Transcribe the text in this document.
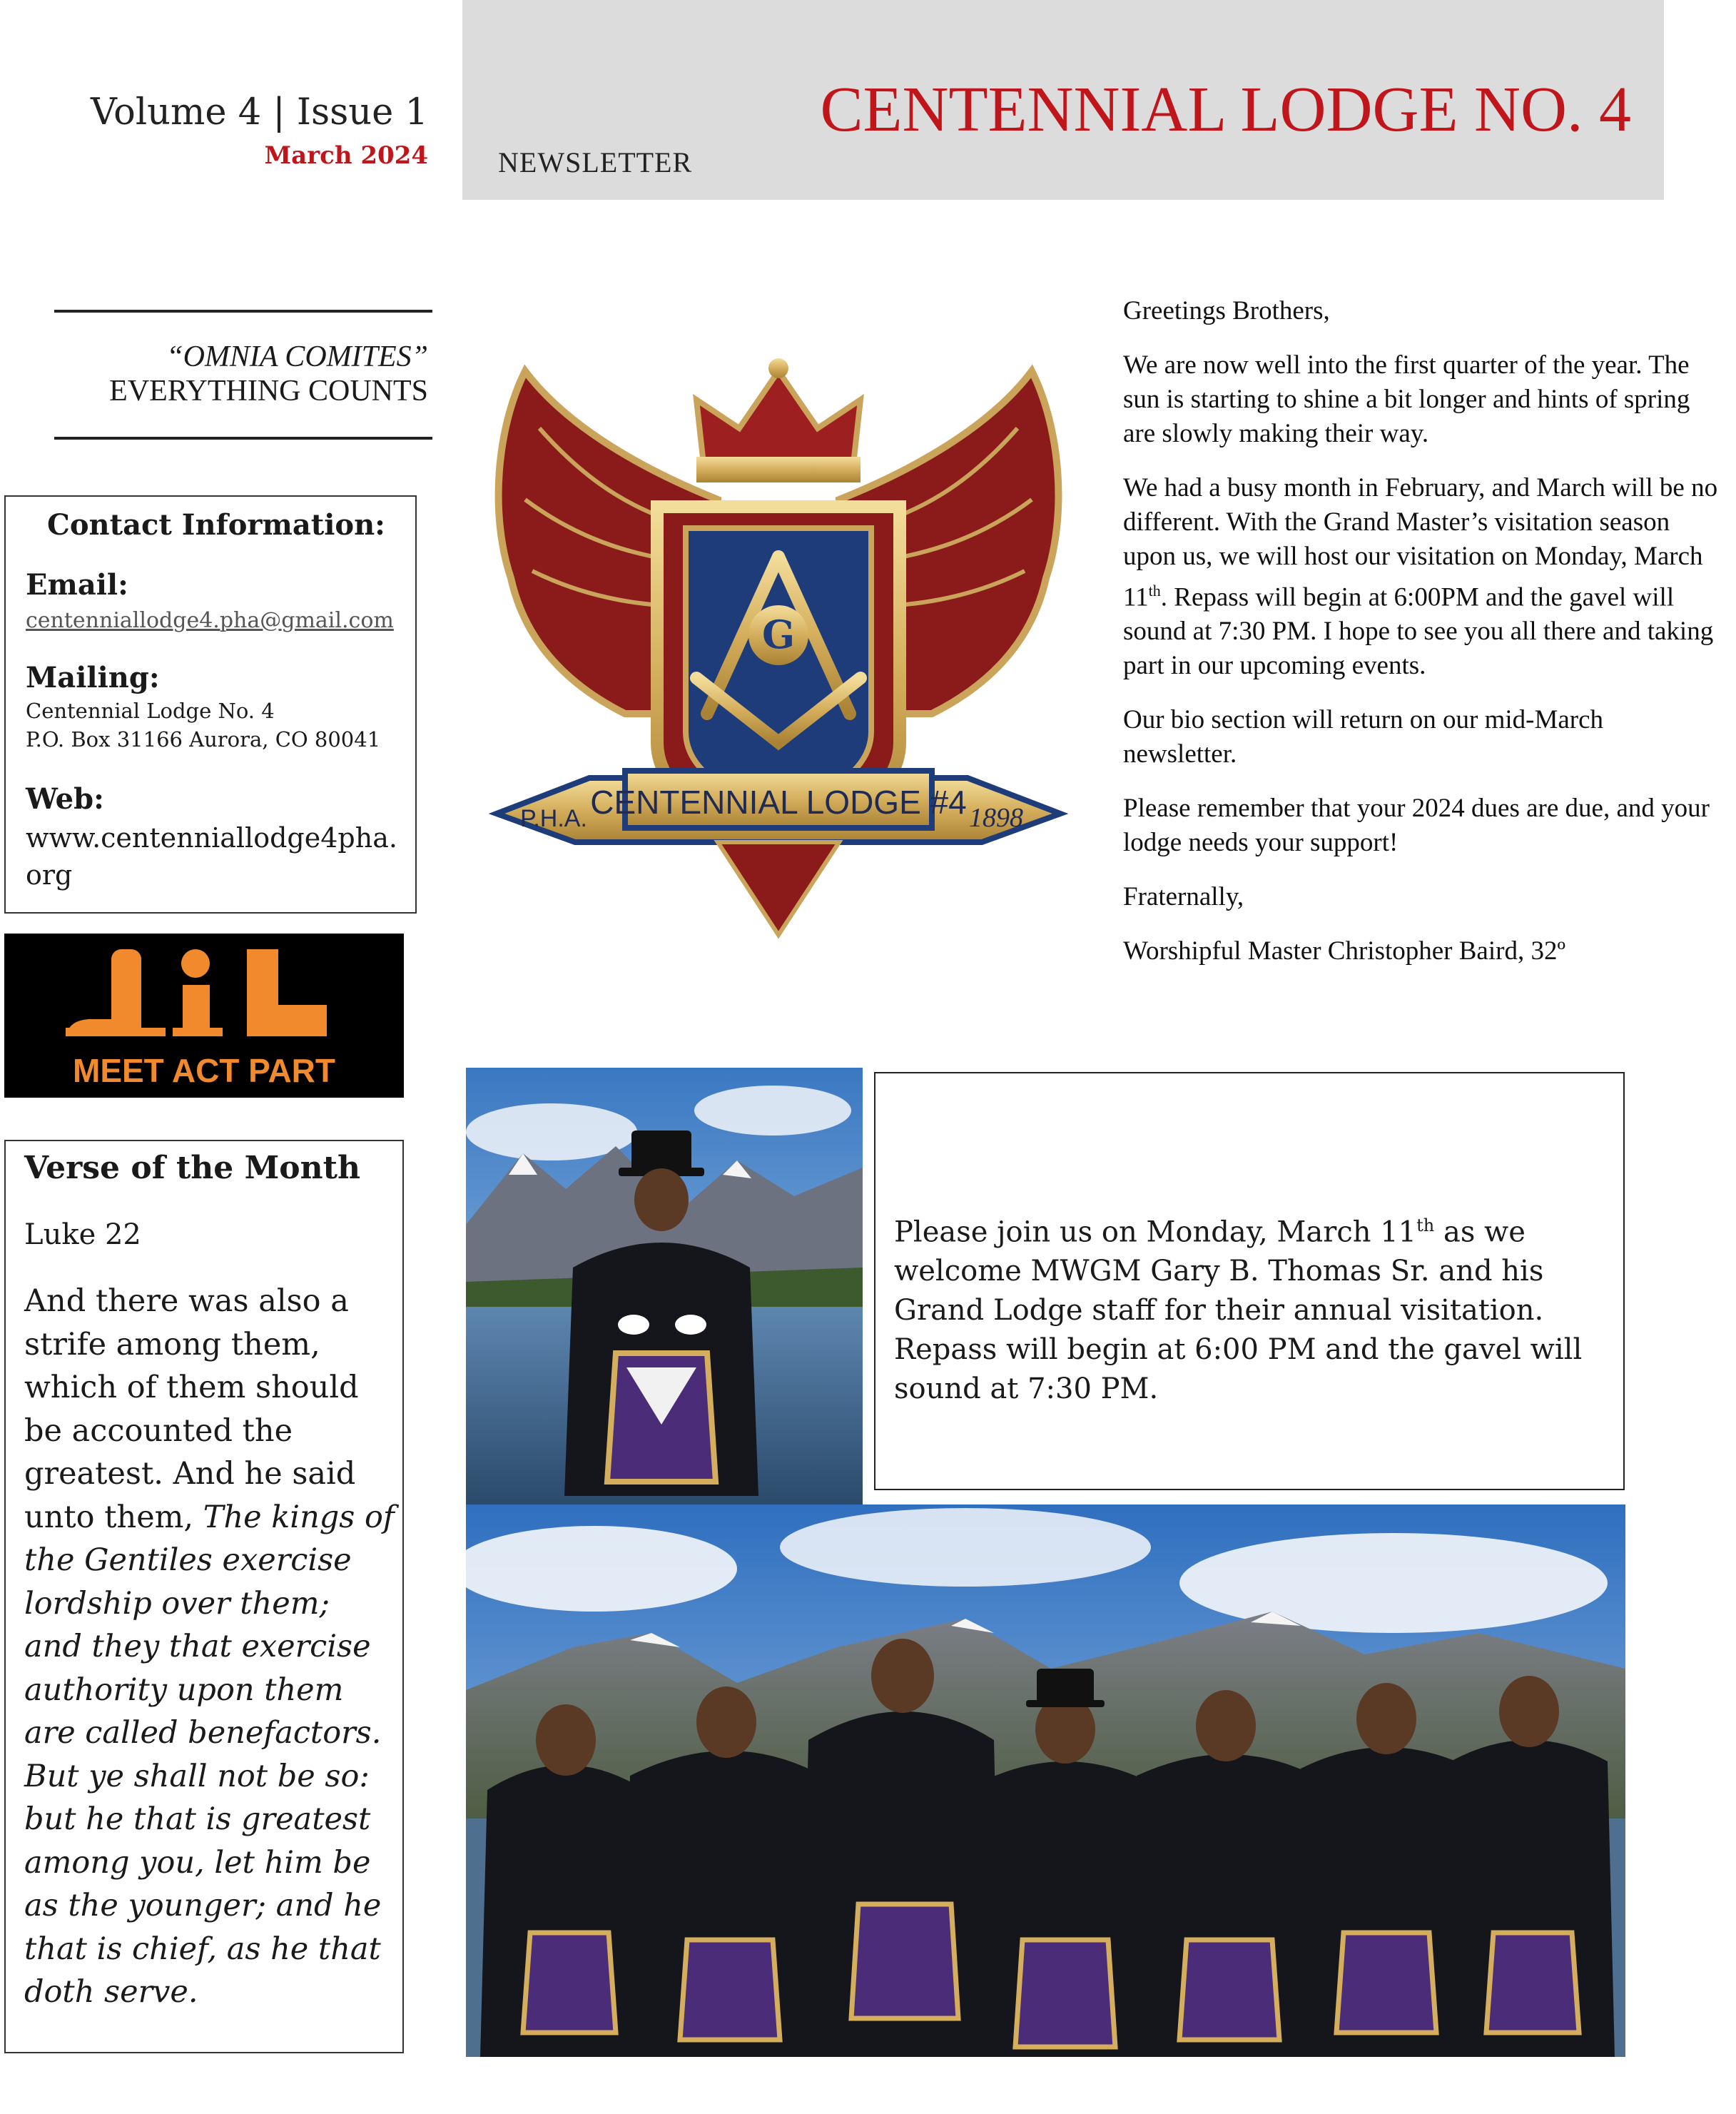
Volume 4 | Issue 1
March 2024 NEWSLETTER
CENTENNIAL LODGE NO. 4
“OMNIA COMITES”
EVERYTHING COUNTS
Contact Information:
Email:
centenniallodge4.pha@gmail.com
Mailing:
Centennial Lodge No. 4
P.O. Box 31166 Aurora, CO 80041
Web:
www.centenniallodge4pha.org
MEET ACT PART
Verse of the Month
Luke 22
And there was also a strife among them, which of them should be accounted the greatest. And he said unto them, The kings of the Gentiles exercise lordship over them; and they that exercise authority upon them are called benefactors. But ye shall not be so: but he that is greatest among you, let him be as the younger; and he that is chief, as he that doth serve.
G
CENTENNIAL LODGE #4
P.H.A.	1898

Greetings Brothers,

We are now well into the first quarter of the year. The sun is starting to shine a bit longer and hints of spring are slowly making their way.

We had a busy month in February, and March will be no different. With the Grand Master’s visitation season upon us, we will host our visitation on Monday, March 11th. Repass will begin at 6:00PM and the gavel will sound at 7:30 PM. I hope to see you all there and taking part in our upcoming events.

Our bio section will return on our mid-March newsletter.

Please remember that your 2024 dues are due, and your lodge needs your support!

Fraternally,

Worshipful Master Christopher Baird, 32º

Please join us on Monday, March 11th as we welcome MWGM Gary B. Thomas Sr. and his Grand Lodge staff for their annual visitation. Repass will begin at 6:00 PM and the gavel will sound at 7:30 PM.
